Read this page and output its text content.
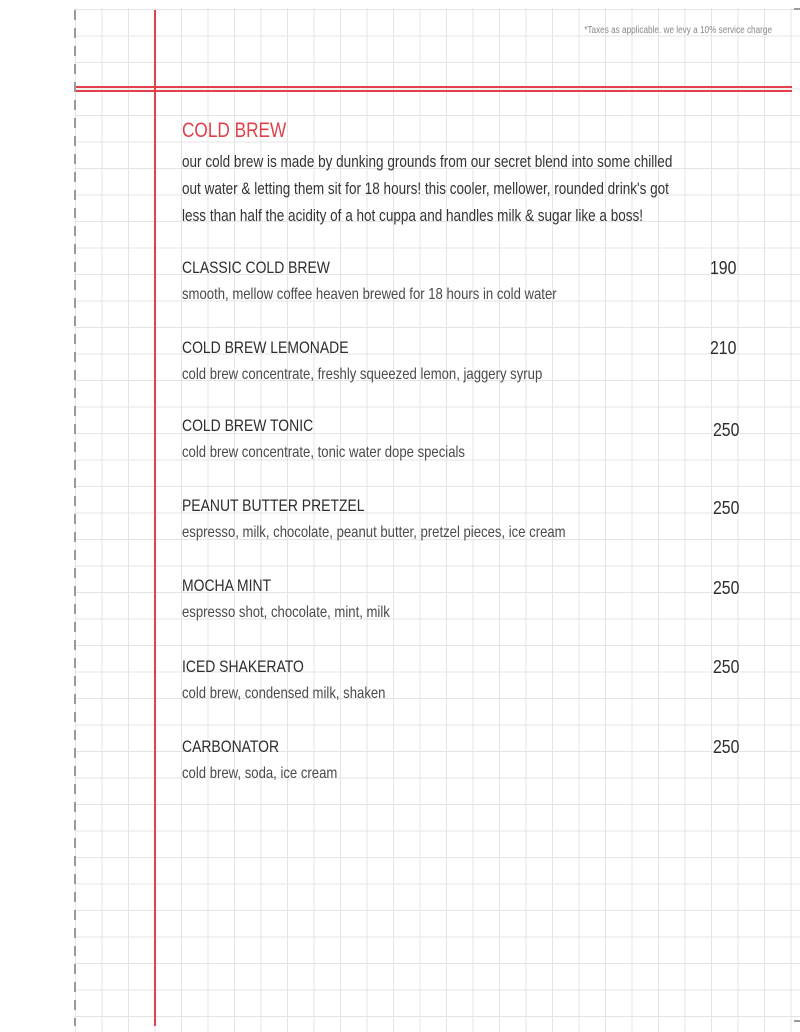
*Taxes as applicable. we levy a 10% service charge
COLD BREW
our cold brew is made by dunking grounds from our secret blend into some chilled
out water & letting them sit for 18 hours! this cooler, mellower, rounded drink's got
less than half the acidity of a hot cuppa and handles milk & sugar like a boss!
CLASSIC COLD BREW
smooth, mellow coffee heaven brewed for 18 hours in cold water
190
COLD BREW LEMONADE
cold brew concentrate, freshly squeezed lemon, jaggery syrup
210
COLD BREW TONIC
cold brew concentrate, tonic water dope specials
250
PEANUT BUTTER PRETZEL
espresso, milk, chocolate, peanut butter, pretzel pieces, ice cream
250
MOCHA MINT
espresso shot, chocolate, mint, milk
250
ICED SHAKERATO
cold brew, condensed milk, shaken
250
CARBONATOR
cold brew, soda, ice cream
250
